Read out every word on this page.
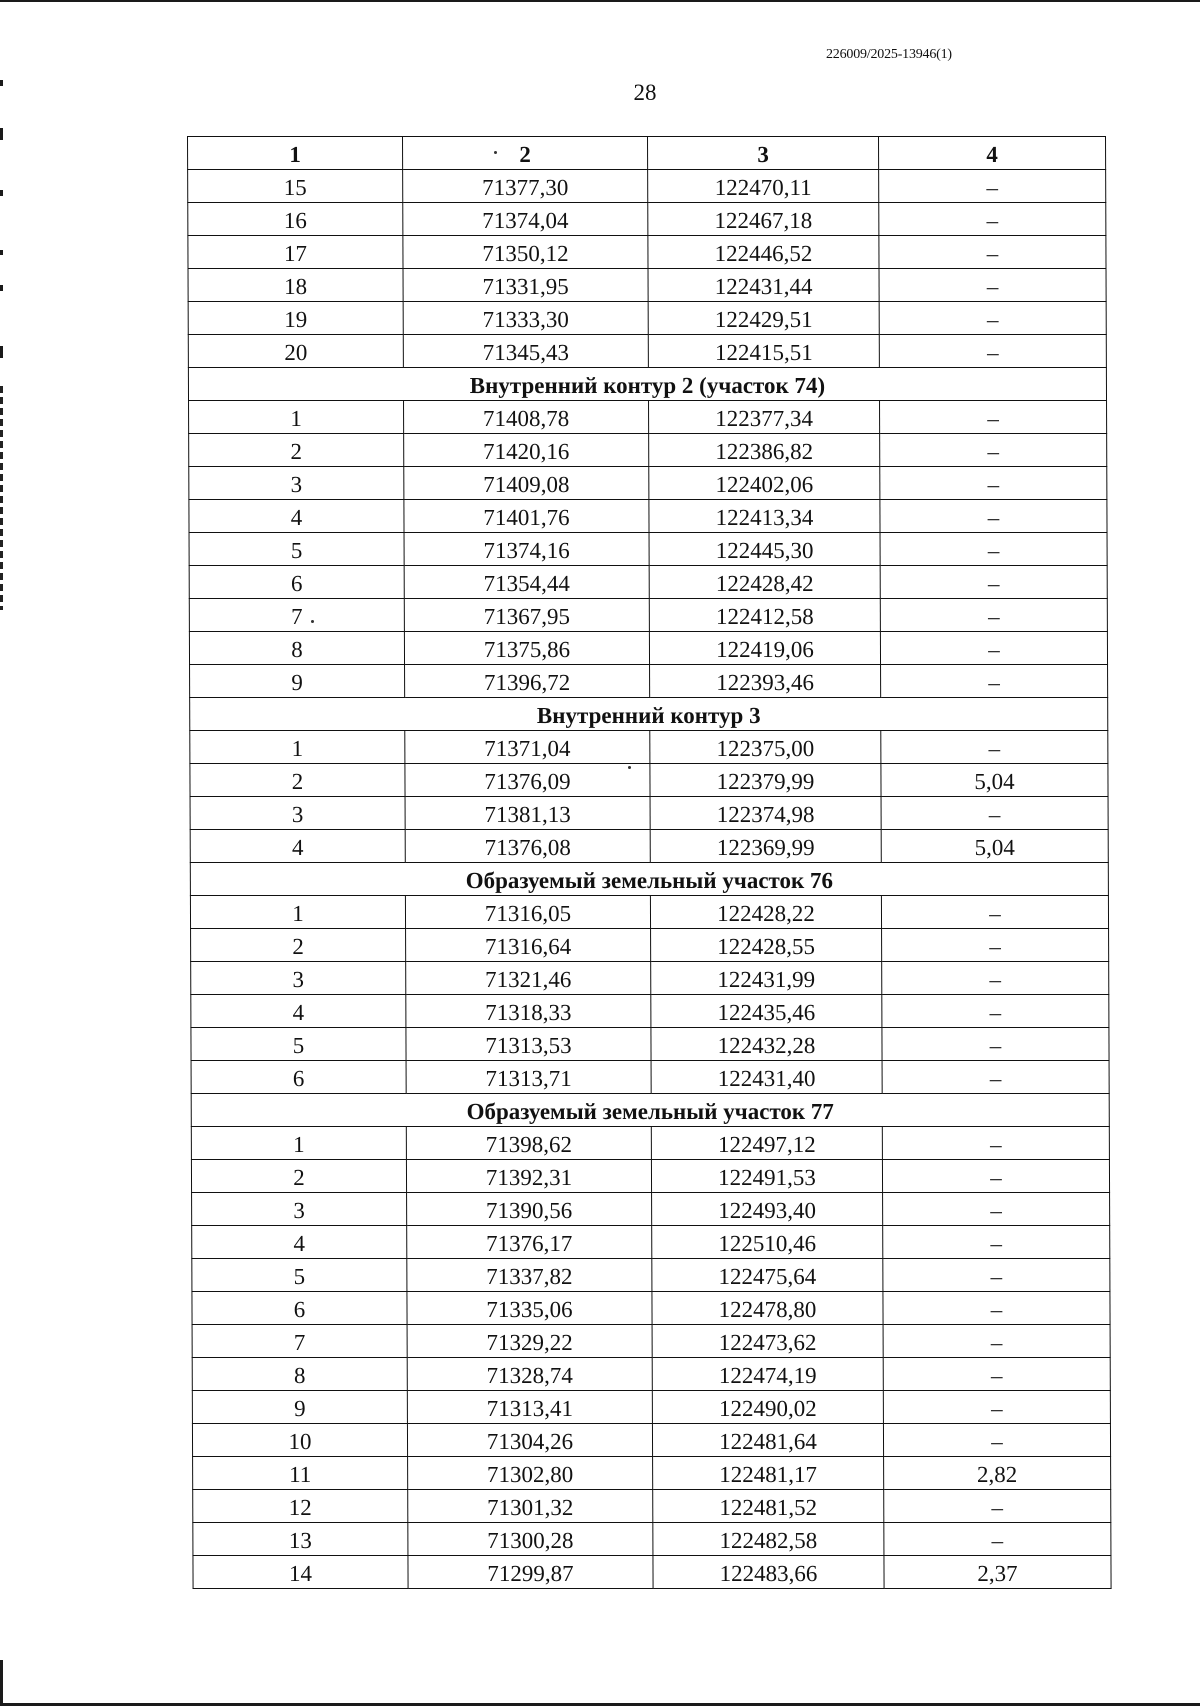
226009/2025-13946(1)
28
1	2	3	4
15	71377,30	122470,11	–
16	71374,04	122467,18	–
17	71350,12	122446,52	–
18	71331,95	122431,44	–
19	71333,30	122429,51	–
20	71345,43	122415,51	–
Внутренний контур 2 (участок 74)			
1	71408,78	122377,34	–
2	71420,16	122386,82	–
3	71409,08	122402,06	–
4	71401,76	122413,34	–
5	71374,16	122445,30	–
6	71354,44	122428,42	–
7	71367,95	122412,58	–
8	71375,86	122419,06	–
9	71396,72	122393,46	–
Внутренний контур 3			
1	71371,04	122375,00	–
2	71376,09	122379,99	5,04
3	71381,13	122374,98	–
4	71376,08	122369,99	5,04
Образуемый земельный участок 76			
1	71316,05	122428,22	–
2	71316,64	122428,55	–
3	71321,46	122431,99	–
4	71318,33	122435,46	–
5	71313,53	122432,28	–
6	71313,71	122431,40	–
Образуемый земельный участок 77			
1	71398,62	122497,12	–
2	71392,31	122491,53	–
3	71390,56	122493,40	–
4	71376,17	122510,46	–
5	71337,82	122475,64	–
6	71335,06	122478,80	–
7	71329,22	122473,62	–
8	71328,74	122474,19	–
9	71313,41	122490,02	–
10	71304,26	122481,64	–
11	71302,80	122481,17	2,82
12	71301,32	122481,52	–
13	71300,28	122482,58	–
14	71299,87	122483,66	2,37
